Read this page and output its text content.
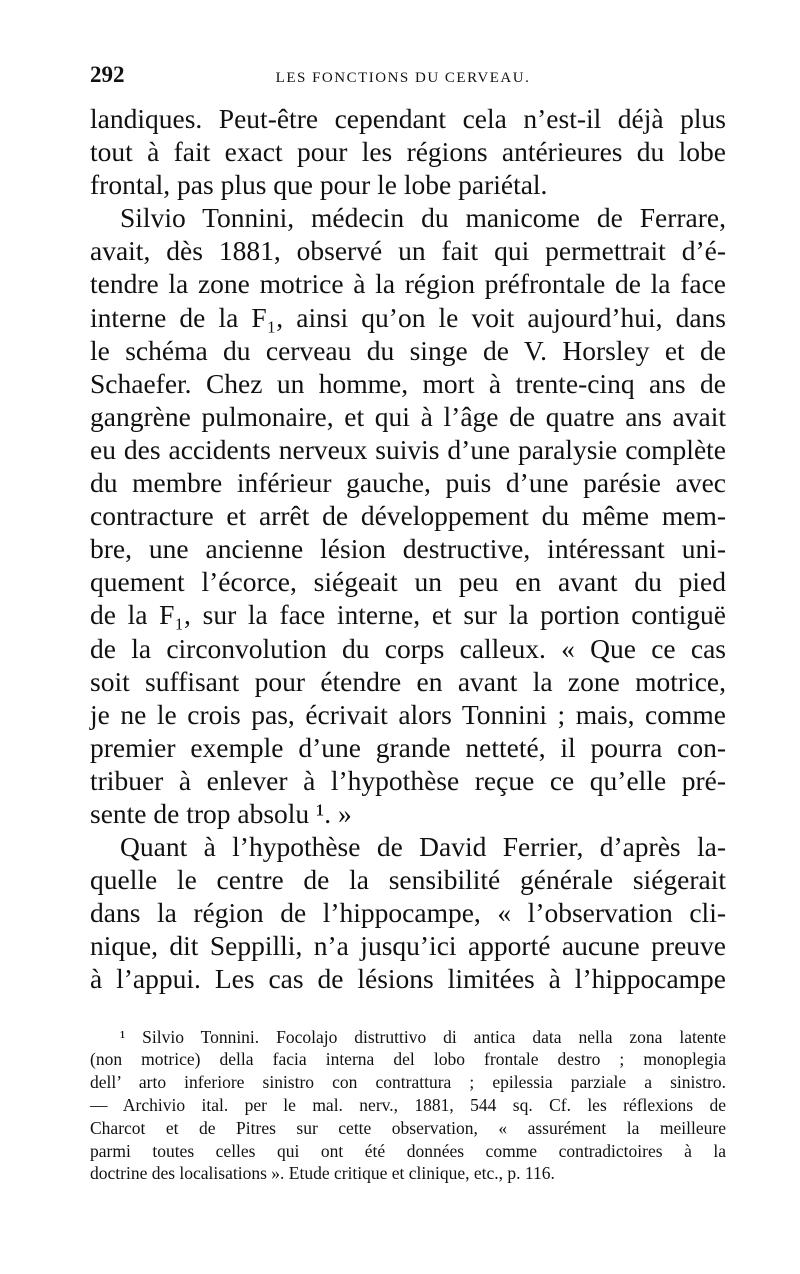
292	LES FONCTIONS DU CERVEAU.
landiques. Peut-être cependant cela n’est-il déjà plus
tout à fait exact pour les régions antérieures du lobe
frontal, pas plus que pour le lobe pariétal.
Silvio Tonnini, médecin du manicome de Ferrare,
avait, dès 1881, observé un fait qui permettrait d’é-
tendre la zone motrice à la région préfrontale de la face
interne de la F₁, ainsi qu’on le voit aujourd’hui, dans
le schéma du cerveau du singe de V. Horsley et de
Schaefer. Chez un homme, mort à trente-cinq ans de
gangrène pulmonaire, et qui à l’âge de quatre ans avait
eu des accidents nerveux suivis d’une paralysie complète
du membre inférieur gauche, puis d’une parésie avec
contracture et arrêt de développement du même mem-
bre, une ancienne lésion destructive, intéressant uni-
quement l’écorce, siégeait un peu en avant du pied
de la F₁, sur la face interne, et sur la portion contiguë
de la circonvolution du corps calleux. « Que ce cas
soit suffisant pour étendre en avant la zone motrice,
je ne le crois pas, écrivait alors Tonnini ; mais, comme
premier exemple d’une grande netteté, il pourra con-
tribuer à enlever à l’hypothèse reçue ce qu’elle pré-
sente de trop absolu ¹. »
Quant à l’hypothèse de David Ferrier, d’après la-
quelle le centre de la sensibilité générale siégerait
dans la région de l’hippocampe, « l’observation cli-
nique, dit Seppilli, n’a jusqu’ici apporté aucune preuve
à l’appui. Les cas de lésions limitées à l’hippocampe
¹ Silvio Tonnini. Focolajo distruttivo di antica data nella zona latente
(non motrice) della facia interna del lobo frontale destro ; monoplegia
dell’ arto inferiore sinistro con contrattura ; epilessia parziale a sinistro.
— Archivio ital. per le mal. nerv., 1881, 544 sq. Cf. les réflexions de
Charcot et de Pitres sur cette observation, « assurément la meilleure
parmi toutes celles qui ont été données comme contradictoires à la
doctrine des localisations ». Etude critique et clinique, etc., p. 116.
